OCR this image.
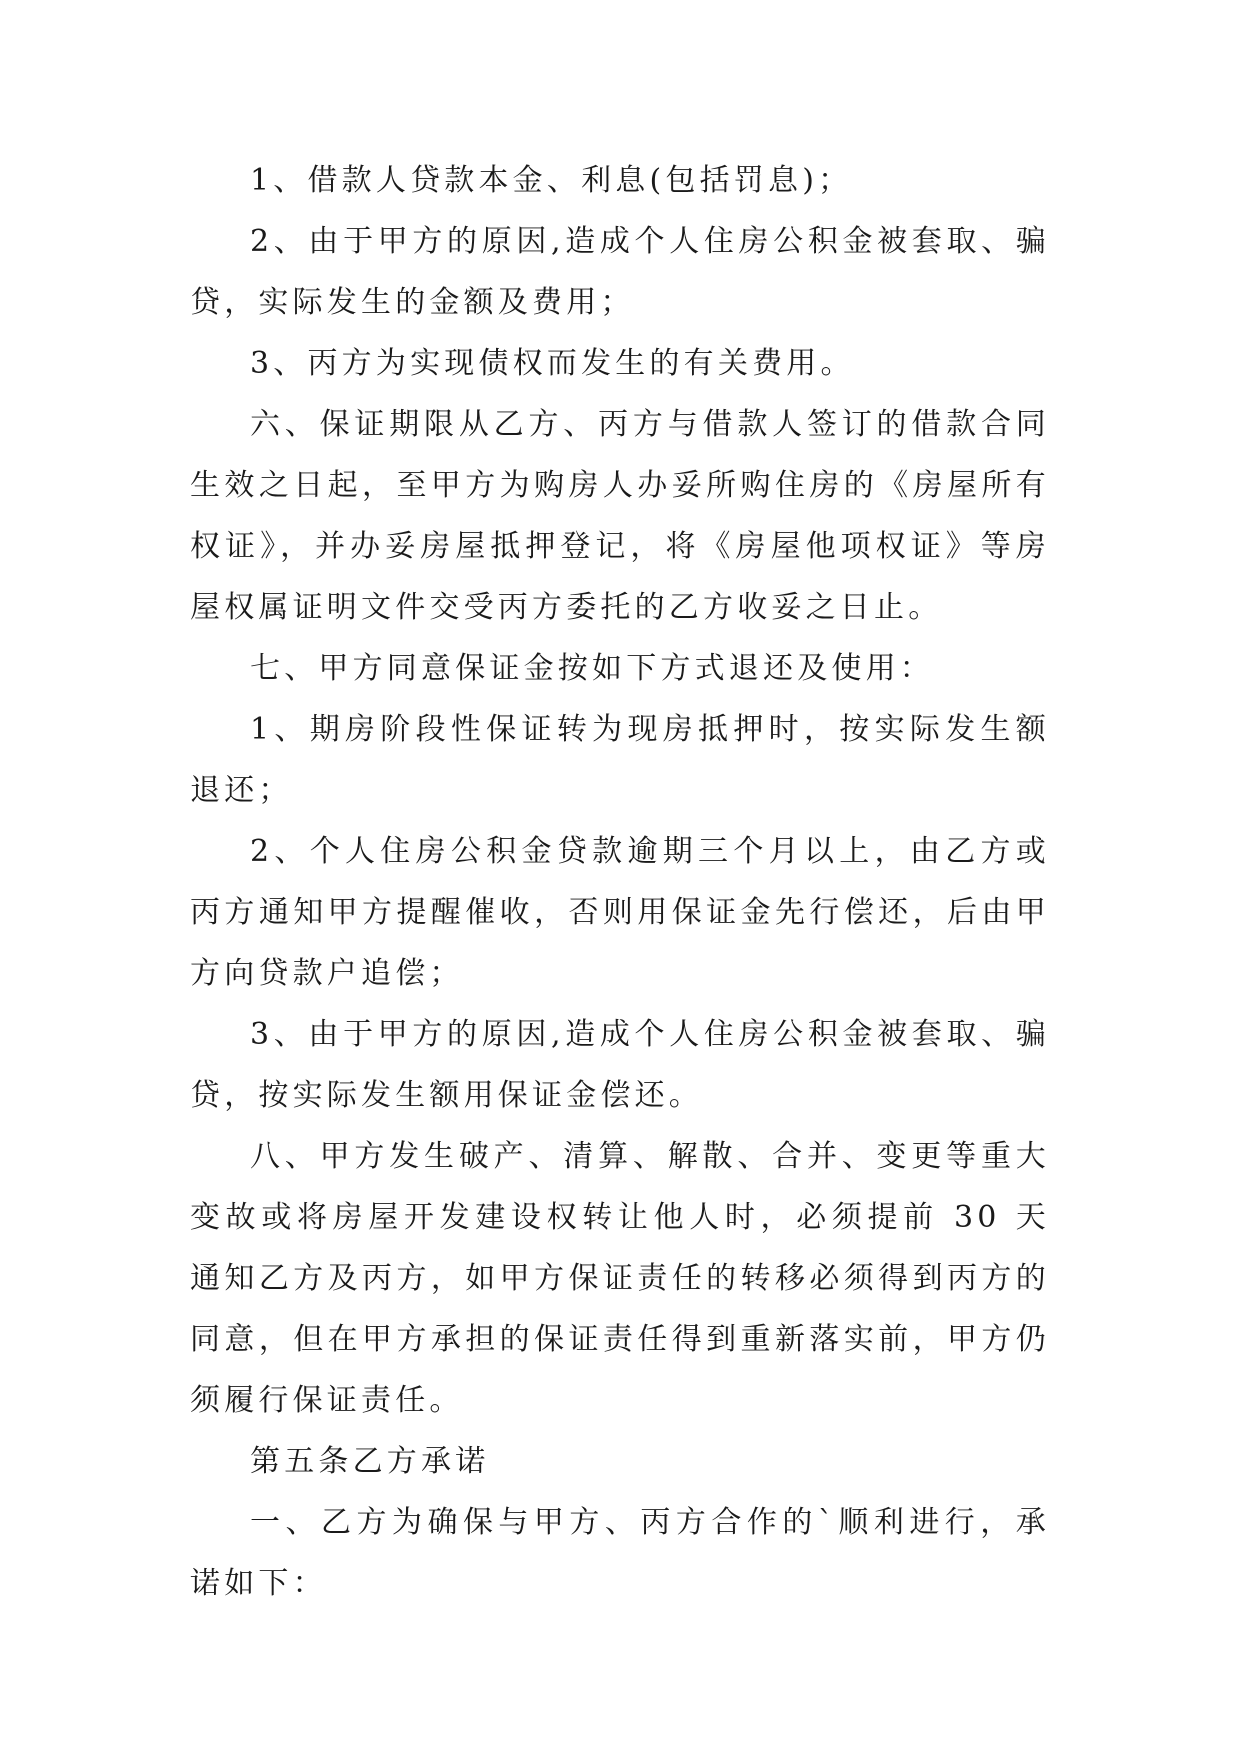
1、借款人贷款本金、利息(包括罚息)；

2、由于甲方的原因,造成个人住房公积金被套取、骗贷，实际发生的金额及费用；

3、丙方为实现债权而发生的有关费用。

六、保证期限从乙方、丙方与借款人签订的借款合同生效之日起，至甲方为购房人办妥所购住房的《房屋所有权证》，并办妥房屋抵押登记，将《房屋他项权证》等房屋权属证明文件交受丙方委托的乙方收妥之日止。

七、甲方同意保证金按如下方式退还及使用：

1、期房阶段性保证转为现房抵押时，按实际发生额退还；

2、个人住房公积金贷款逾期三个月以上，由乙方或丙方通知甲方提醒催收，否则用保证金先行偿还，后由甲方向贷款户追偿；

3、由于甲方的原因,造成个人住房公积金被套取、骗贷，按实际发生额用保证金偿还。

八、甲方发生破产、清算、解散、合并、变更等重大变故或将房屋开发建设权转让他人时，必须提前 30 天通知乙方及丙方，如甲方保证责任的转移必须得到丙方的同意，但在甲方承担的保证责任得到重新落实前，甲方仍须履行保证责任。

第五条乙方承诺

一、乙方为确保与甲方、丙方合作的`顺利进行，承诺如下：
